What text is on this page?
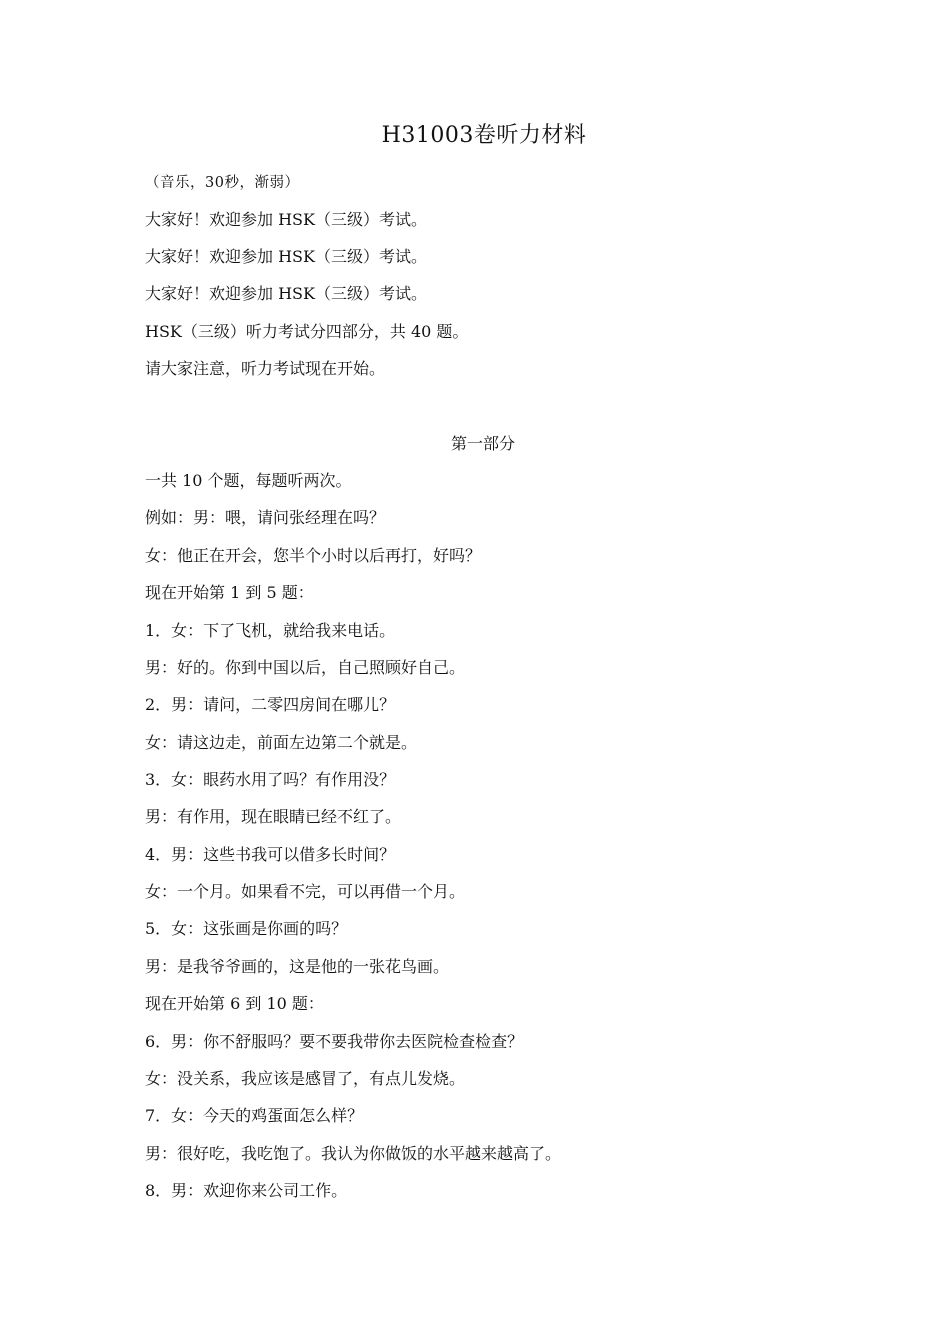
H31003卷听力材料
（音乐，30秒，渐弱）
大家好！欢迎参加 HSK（三级）考试。
大家好！欢迎参加 HSK（三级）考试。
大家好！欢迎参加 HSK（三级）考试。
HSK（三级）听力考试分四部分，共 40 题。
请大家注意，听力考试现在开始。
第一部分
一共 10 个题，每题听两次。
例如：男：喂，请问张经理在吗？
女：他正在开会，您半个小时以后再打，好吗？
现在开始第 1 到 5 题：
1．女：下了飞机，就给我来电话。
男：好的。你到中国以后，自己照顾好自己。
2．男：请问，二零四房间在哪儿？
女：请这边走，前面左边第二个就是。
3．女：眼药水用了吗？有作用没？
男：有作用，现在眼睛已经不红了。
4．男：这些书我可以借多长时间？
女：一个月。如果看不完，可以再借一个月。
5．女：这张画是你画的吗？
男：是我爷爷画的，这是他的一张花鸟画。
现在开始第 6 到 10 题：
6．男：你不舒服吗？要不要我带你去医院检查检查？
女：没关系，我应该是感冒了，有点儿发烧。
7．女：今天的鸡蛋面怎么样？
男：很好吃，我吃饱了。我认为你做饭的水平越来越高了。
8．男：欢迎你来公司工作。
